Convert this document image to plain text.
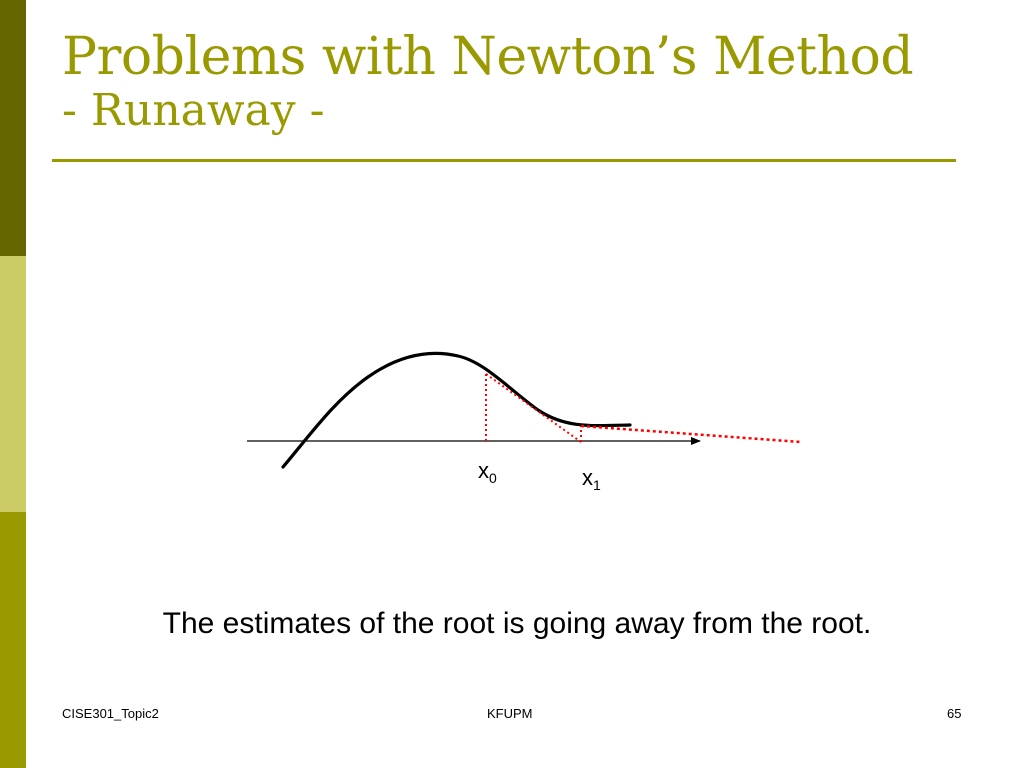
Problems with Newton’s Method
- Runaway -
$x_0$	$x_1$
The estimates of the root is going away from the root.
CISE301_Topic2	KFUPM	65
